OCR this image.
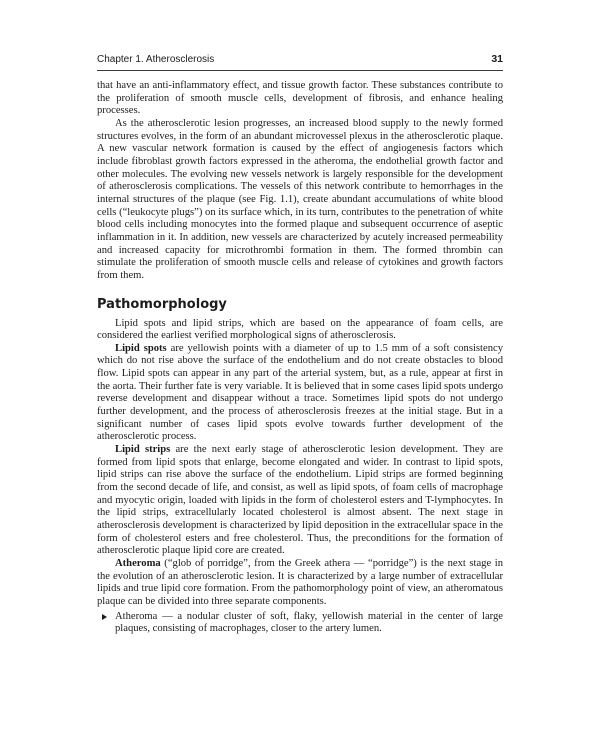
Chapter 1. Atherosclerosis	31

that have an anti-inflammatory effect, and tissue growth factor. These substances contribute to the proliferation of smooth muscle cells, development of fibrosis, and enhance healing processes.

As the atherosclerotic lesion progresses, an increased blood supply to the newly formed structures evolves, in the form of an abundant microvessel plexus in the atherosclerotic plaque. A new vascular network formation is caused by the effect of angiogenesis factors which include fibroblast growth factors expressed in the atheroma, the endothelial growth factor and other molecules. The evolving new vessels network is largely responsible for the development of atherosclerosis complications. The vessels of this network contribute to hemorrhages in the internal structures of the plaque (see Fig. 1.1), create abundant accumulations of white blood cells (“leukocyte plugs”) on its surface which, in its turn, contributes to the penetration of white blood cells including monocytes into the formed plaque and subsequent occurrence of aseptic inflammation in it. In addition, new vessels are characterized by acutely increased permeability and increased capacity for microthrombi formation in them. The formed thrombin can stimulate the proliferation of smooth muscle cells and release of cytokines and growth factors from them.

Pathomorphology

Lipid spots and lipid strips, which are based on the appearance of foam cells, are considered the earliest verified morphological signs of atherosclerosis.

Lipid spots are yellowish points with a diameter of up to 1.5 mm of a soft consistency which do not rise above the surface of the endothelium and do not create obstacles to blood flow. Lipid spots can appear in any part of the arterial system, but, as a rule, appear at first in the aorta. Their further fate is very variable. It is believed that in some cases lipid spots undergo reverse development and disappear without a trace. Sometimes lipid spots do not undergo further development, and the process of atherosclerosis freezes at the initial stage. But in a significant number of cases lipid spots evolve towards further development of the atherosclerotic process.

Lipid strips are the next early stage of atherosclerotic lesion development. They are formed from lipid spots that enlarge, become elongated and wider. In contrast to lipid spots, lipid strips can rise above the surface of the endothelium. Lipid strips are formed beginning from the second decade of life, and consist, as well as lipid spots, of foam cells of macrophage and myocytic origin, loaded with lipids in the form of cholesterol esters and T-lymphocytes. In the lipid strips, extracellularly located cholesterol is almost absent. The next stage in atherosclerosis development is characterized by lipid deposition in the extracellular space in the form of cholesterol esters and free cholesterol. Thus, the preconditions for the formation of atherosclerotic plaque lipid core are created.

Atheroma (“glob of porridge”, from the Greek athera — “porridge”) is the next stage in the evolution of an atherosclerotic lesion. It is characterized by a large number of extracellular lipids and true lipid core formation. From the pathomorphology point of view, an atheromatous plaque can be divided into three separate components.

Atheroma — a nodular cluster of soft, flaky, yellowish material in the center of large plaques, consisting of macrophages, closer to the artery lumen.
